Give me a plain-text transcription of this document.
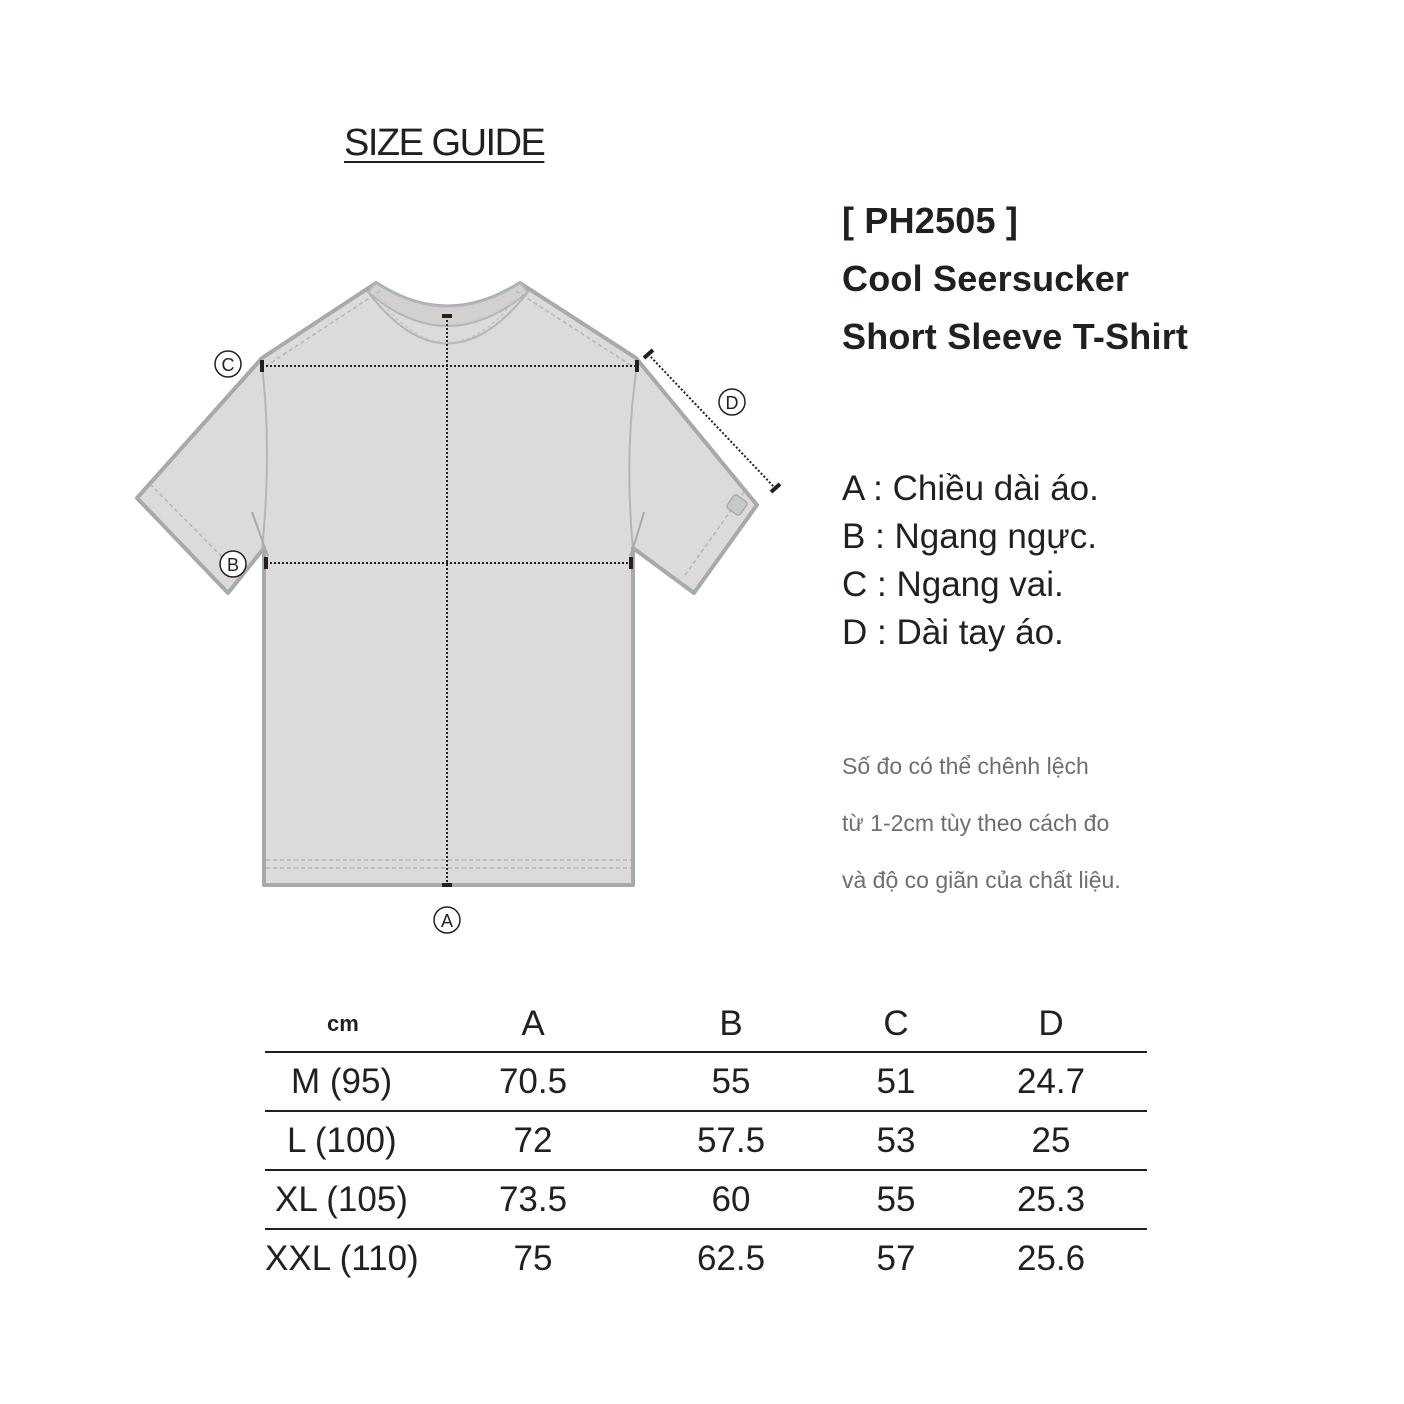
SIZE GUIDE
C
D
B
A
[ PH2505 ]
Cool Seersucker
Short Sleeve T-Shirt
A : Chiều dài áo.
B : Ngang ngực.
C : Ngang vai.
D : Dài tay áo.
Số đo có thể chênh lệch
từ 1-2cm tùy theo cách đo
và độ co giãn của chất liệu.
cm	A	B	C	D	
M (95)	70.5	55	51	24.7	
L (100)	72	57.5	53	25	
XL (105)	73.5	60	55	25.3	
XXL (110)	75	62.5	57	25.6	
